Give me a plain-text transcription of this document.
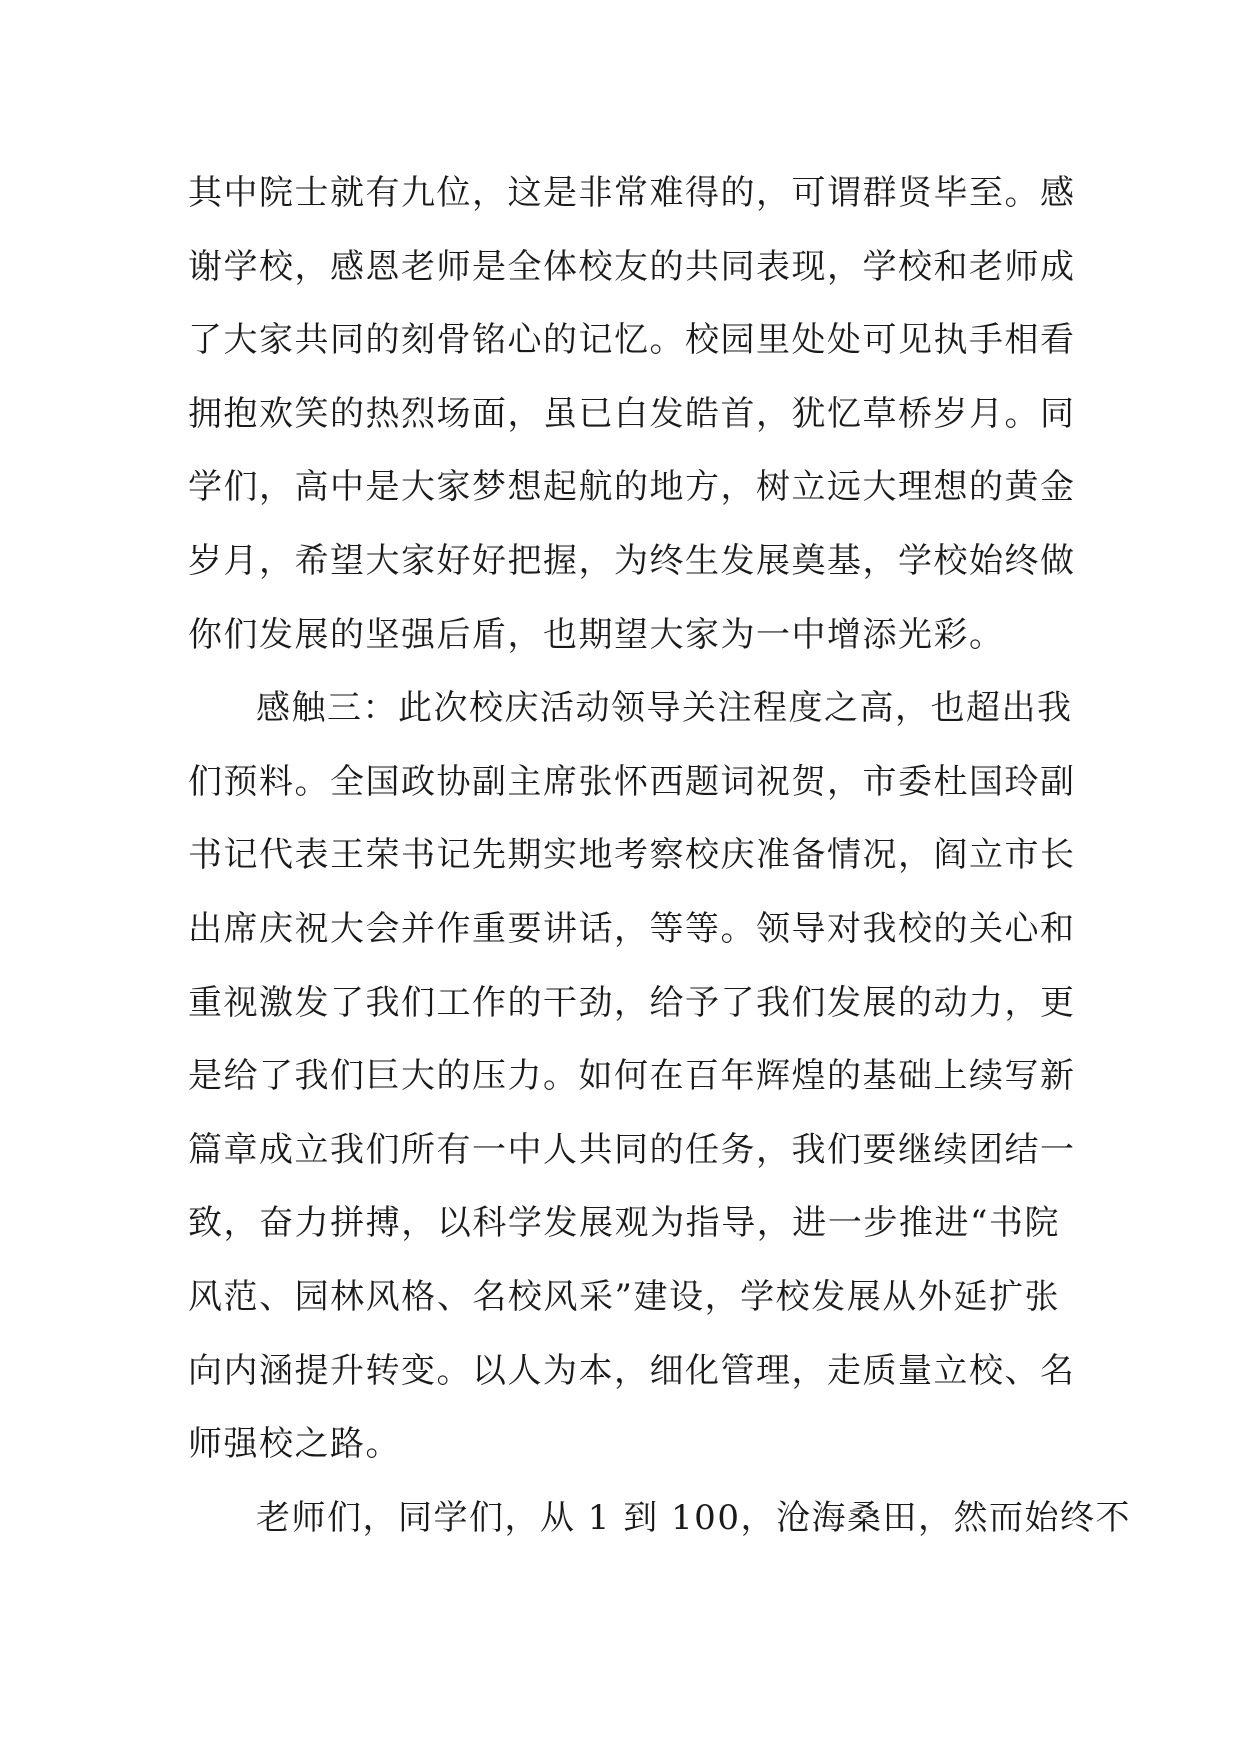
其中院士就有九位，这是非常难得的，可谓群贤毕至。感
谢学校，感恩老师是全体校友的共同表现，学校和老师成
了大家共同的刻骨铭心的记忆。校园里处处可见执手相看
拥抱欢笑的热烈场面，虽已白发皓首，犹忆草桥岁月。同
学们，高中是大家梦想起航的地方，树立远大理想的黄金
岁月，希望大家好好把握，为终生发展奠基，学校始终做
你们发展的坚强后盾，也期望大家为一中增添光彩。
感触三：此次校庆活动领导关注程度之高，也超出我
们预料。全国政协副主席张怀西题词祝贺，市委杜国玲副
书记代表王荣书记先期实地考察校庆准备情况，阎立市长
出席庆祝大会并作重要讲话，等等。领导对我校的关心和
重视激发了我们工作的干劲，给予了我们发展的动力，更
是给了我们巨大的压力。如何在百年辉煌的基础上续写新
篇章成立我们所有一中人共同的任务，我们要继续团结一
致，奋力拼搏，以科学发展观为指导，进一步推进“书院
风范、园林风格、名校风采”建设，学校发展从外延扩张
向内涵提升转变。以人为本，细化管理，走质量立校、名
师强校之路。
老师们，同学们，从 1 到 100，沧海桑田，然而始终不
